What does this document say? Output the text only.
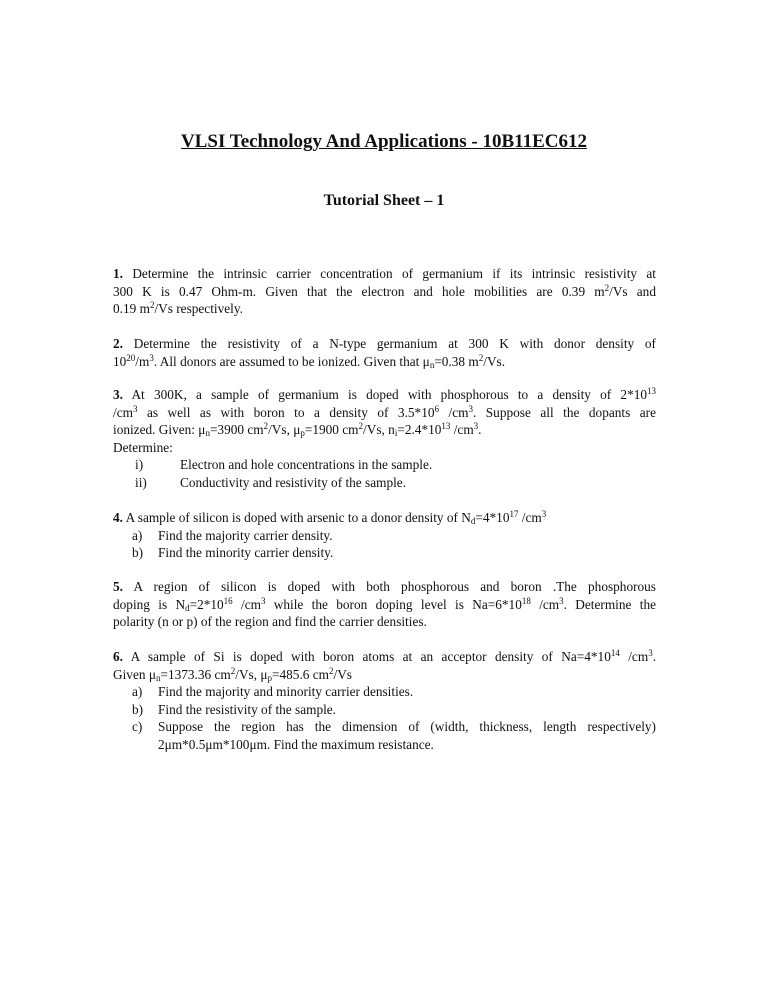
VLSI Technology And Applications - 10B11EC612
Tutorial Sheet – 1
1. Determine the intrinsic carrier concentration of germanium if its intrinsic resistivity at
300 K is 0.47 Ohm-m. Given that the electron and hole mobilities are 0.39 $m^2/Vs$ and
0.19 $m^2/Vs$ respectively.
2. Determine the resistivity of a N-type germanium at 300 K with donor density of
$10^{20}/m^3$. All donors are assumed to be ionized. Given that $\mu_n=0.38$ $m^2/Vs$.
3. At 300K, a sample of germanium is doped with phosphorous to a density of $2*10^{13}$
$/cm^3$ as well as with boron to a density of $3.5*10^6$ $/cm^3$. Suppose all the dopants are
ionized. Given: $\mu_n=3900$ $cm^2/Vs$, $\mu_p=1900$ $cm^2/Vs$, $n_i=2.4*10^{13}$ $/cm^3$.
Determine:
i)	Electron and hole concentrations in the sample.
ii) Conductivity and resistivity of the sample.
4. A sample of silicon is doped with arsenic to a donor density of $N_d=4*10^{17}$ $/cm^3$
a) Find the majority carrier density.
b) Find the minority carrier density.
5. A region of silicon is doped with both phosphorous and boron .The phosphorous
doping is $N_d=2*10^{16}$ $/cm^3$ while the boron doping level is $Na=6*10^{18}$ $/cm^3$. Determine the
polarity (n or p) of the region and find the carrier densities.
6. A sample of Si is doped with boron atoms at an acceptor density of $Na=4*10^{14}$ $/cm^3$.
Given $\mu_n=1373.36$ $cm^2/Vs$, $\mu_p=485.6$ $cm^2/Vs$
a) Find the majority and minority carrier densities.
b) Find the resistivity of the sample.
c) Suppose the region has the dimension of (width, thickness, length respectively) 2μm*0.5μm*100μm. Find the maximum resistance.
